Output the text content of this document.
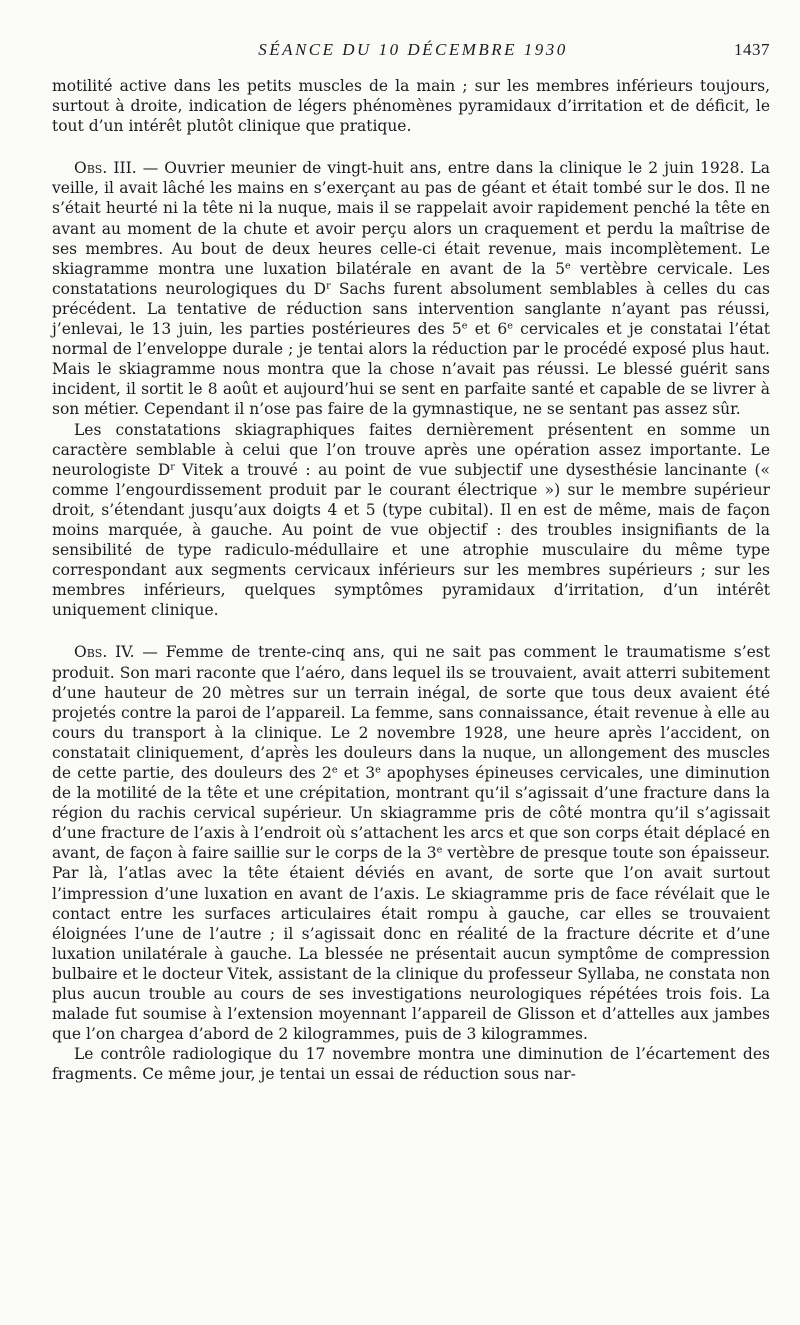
SÉANCE DU 10 DÉCEMBRE 1930	1437

motilité active dans les petits muscles de la main ; sur les membres inférieurs toujours, surtout à droite, indication de légers phénomènes pyramidaux d’irritation et de déficit, le tout d’un intérêt plutôt clinique que pratique.

Obs. III. — Ouvrier meunier de vingt-huit ans, entre dans la clinique le 2 juin 1928. La veille, il avait lâché les mains en s’exerçant au pas de géant et était tombé sur le dos. Il ne s’était heurté ni la tête ni la nuque, mais il se rappelait avoir rapidement penché la tête en avant au moment de la chute et avoir perçu alors un craquement et perdu la maîtrise de ses membres. Au bout de deux heures celle-ci était revenue, mais incomplètement. Le skiagramme montra une luxation bilatérale en avant de la 5e vertèbre cervicale. Les constatations neurologiques du $D^r$ Sachs furent absolument semblables à celles du cas précédent. La tentative de réduction sans intervention sanglante n’ayant pas réussi, j’enlevai, le 13 juin, les parties postérieures des 5e et 6e cervicales et je constatai l’état normal de l’enveloppe durale ; je tentai alors la réduction par le procédé exposé plus haut. Mais le skiagramme nous montra que la chose n’avait pas réussi. Le blessé guérit sans incident, il sortit le 8 août et aujourd’hui se sent en parfaite santé et capable de se livrer à son métier. Cependant il n’ose pas faire de la gymnastique, ne se sentant pas assez sûr.

Les constatations skiagraphiques faites dernièrement présentent en somme un caractère semblable à celui que l’on trouve après une opération assez importante. Le neurologiste $D^r$ Vitek a trouvé : au point de vue subjectif une dysesthésie lancinante (« comme l’engourdissement produit par le courant électrique ») sur le membre supérieur droit, s’étendant jusqu’aux doigts 4 et 5 (type cubital). Il en est de même, mais de façon moins marquée, à gauche. Au point de vue objectif : des troubles insignifiants de la sensibilité de type radiculo-médullaire et une atrophie musculaire du même type correspondant aux segments cervicaux inférieurs sur les membres supérieurs ; sur les membres inférieurs, quelques symptômes pyramidaux d’irritation, d’un intérêt uniquement clinique.

Obs. IV. — Femme de trente-cinq ans, qui ne sait pas comment le traumatisme s’est produit. Son mari raconte que l’aéro, dans lequel ils se trouvaient, avait atterri subitement d’une hauteur de 20 mètres sur un terrain inégal, de sorte que tous deux avaient été projetés contre la paroi de l’appareil. La femme, sans connaissance, était revenue à elle au cours du transport à la clinique. Le 2 novembre 1928, une heure après l’accident, on constatait cliniquement, d’après les douleurs dans la nuque, un allongement des muscles de cette partie, des douleurs des 2e et 3e apophyses épineuses cervicales, une diminution de la motilité de la tête et une crépitation, montrant qu’il s’agissait d’une fracture dans la région du rachis cervical supérieur. Un skiagramme pris de côté montra qu’il s’agissait d’une fracture de l’axis à l’endroit où s’attachent les arcs et que son corps était déplacé en avant, de façon à faire saillie sur le corps de la 3e vertèbre de presque toute son épaisseur. Par là, l’atlas avec la tête étaient déviés en avant, de sorte que l’on avait surtout l’impression d’une luxation en avant de l’axis. Le skiagramme pris de face révélait que le contact entre les surfaces articulaires était rompu à gauche, car elles se trouvaient éloignées l’une de l’autre ; il s’agissait donc en réalité de la fracture décrite et d’une luxation unilatérale à gauche. La blessée ne présentait aucun symptôme de compression bulbaire et le docteur Vitek, assistant de la clinique du professeur Syllaba, ne constata non plus aucun trouble au cours de ses investigations neurologiques répétées trois fois. La malade fut soumise à l’extension moyennant l’appareil de Glisson et d’attelles aux jambes que l’on chargea d’abord de 2 kilogrammes, puis de 3 kilogrammes.

Le contrôle radiologique du 17 novembre montra une diminution de l’écartement des fragments. Ce même jour, je tentai un essai de réduction sous nar-
